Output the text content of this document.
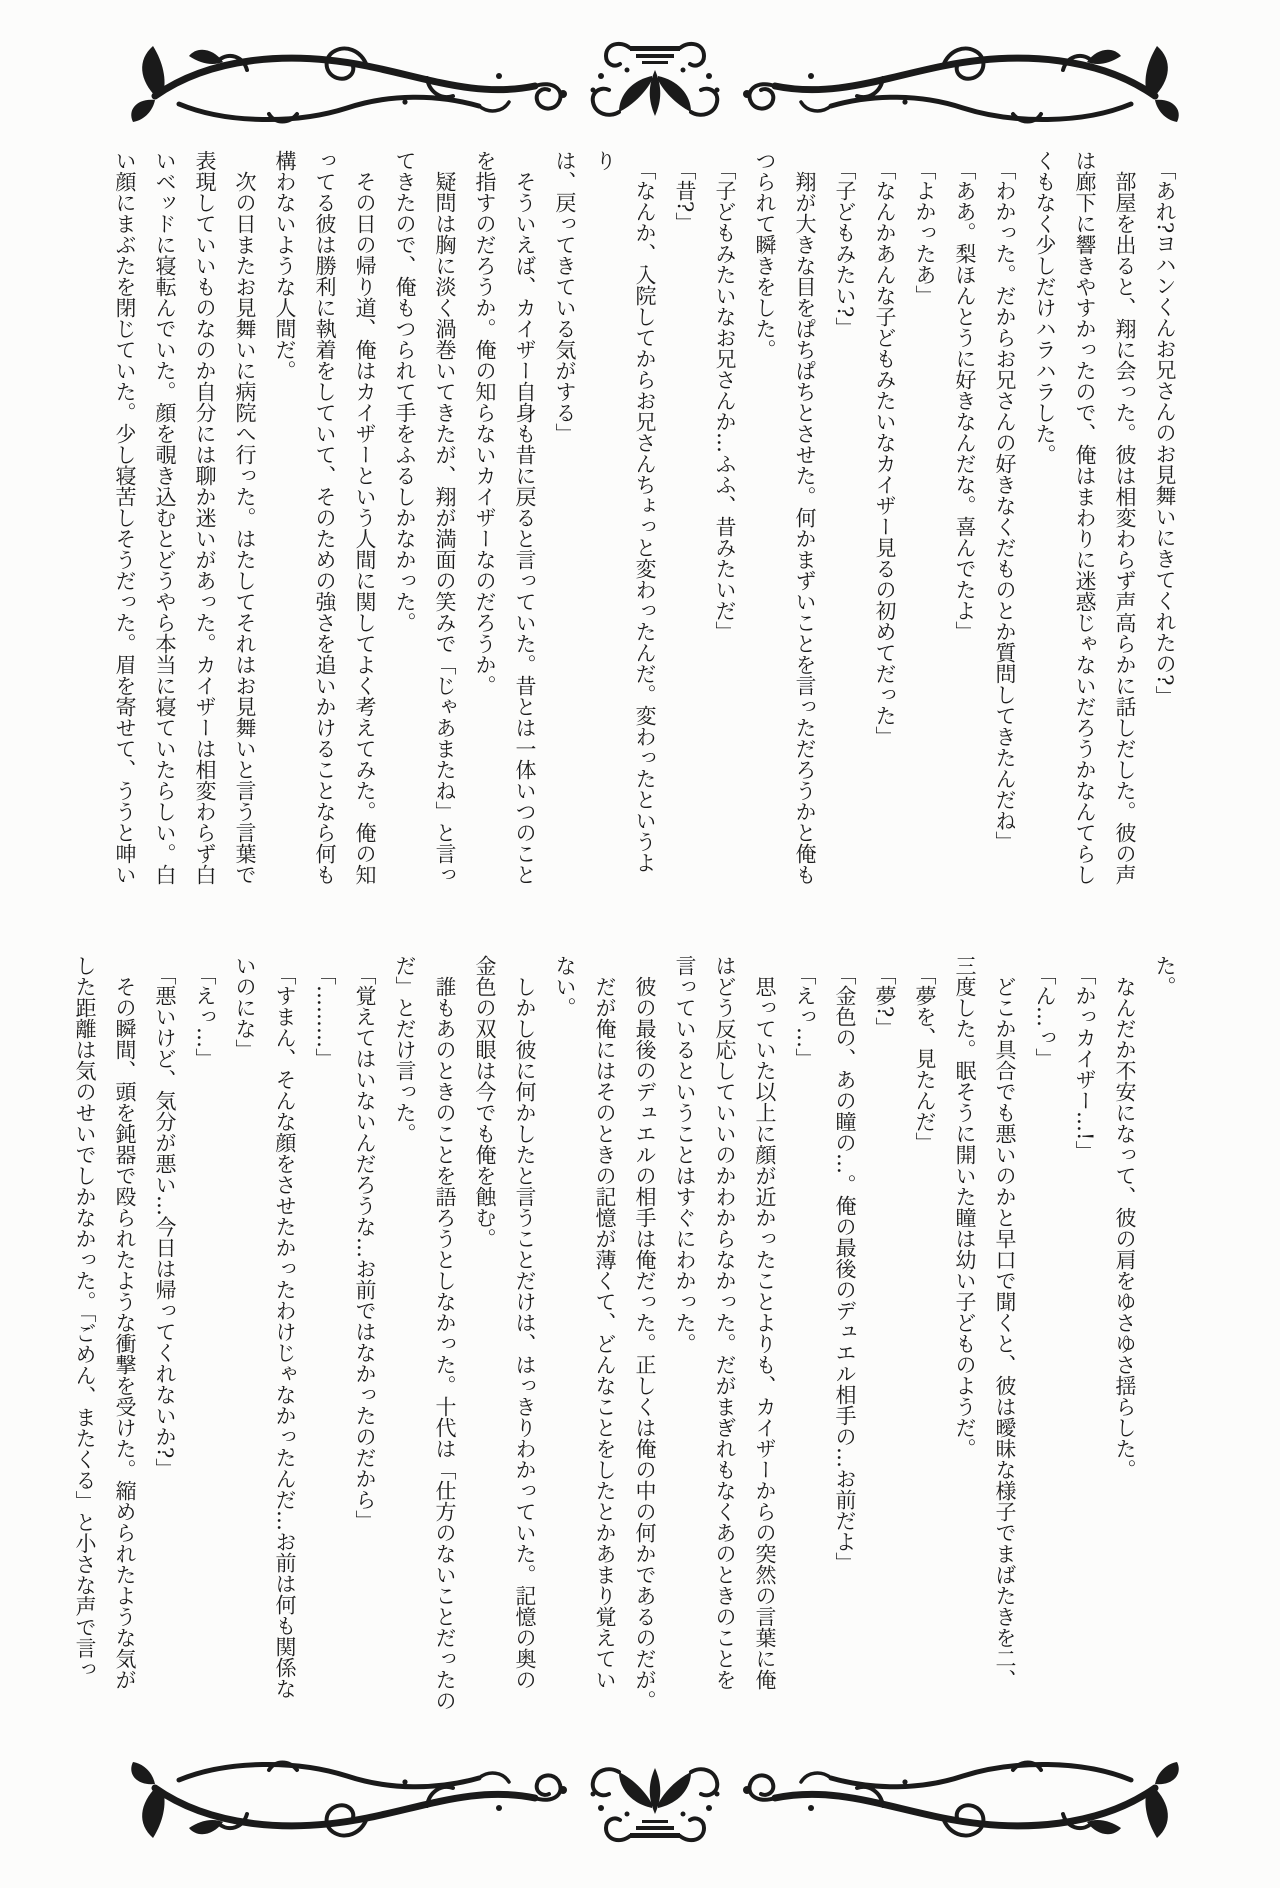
「あれ?ヨハンくんお兄さんのお見舞いにきてくれたの?」

部屋を出ると、翔に会った。彼は相変わらず声高らかに話しだした。彼の声

は廊下に響きやすかったので、俺はまわりに迷惑じゃないだろうかなんてらし

くもなく少しだけハラハラした。

「わかった。だからお兄さんの好きなくだものとか質問してきたんだね」

「ああ。梨ほんとうに好きなんだな。喜んでたよ」

「よかったあ」

「なんかあんな子どもみたいなカイザー見るの初めてだった」

「子どもみたい?」

翔が大きな目をぱちぱちとさせた。何かまずいことを言っただろうかと俺も

つられて瞬きをした。

「子どもみたいなお兄さんか…ふふ、昔みたいだ」

「昔?」

「なんか、入院してからお兄さんちょっと変わったんだ。変わったというより

は、戻ってきている気がする」

そういえば、カイザー自身も昔に戻ると言っていた。昔とは一体いつのこと

を指すのだろうか。俺の知らないカイザーなのだろうか。

疑問は胸に淡く渦巻いてきたが、翔が満面の笑みで「じゃあまたね」と言っ

てきたので、俺もつられて手をふるしかなかった。

その日の帰り道、俺はカイザーという人間に関してよく考えてみた。俺の知

ってる彼は勝利に執着をしていて、そのための強さを追いかけることなら何も

構わないような人間だ。

次の日またお見舞いに病院へ行った。はたしてそれはお見舞いと言う言葉で

表現していいものなのか自分には聊か迷いがあった。カイザーは相変わらず白

いベッドに寝転んでいた。顔を覗き込むとどうやら本当に寝ていたらしい。白

い顔にまぶたを閉じていた。少し寝苦しそうだった。眉を寄せて、ううと呻い

た。

なんだか不安になって、彼の肩をゆさゆさ揺らした。

「かっカイザー…!」

「ん…っ」

どこか具合でも悪いのかと早口で聞くと、彼は曖昧な様子でまばたきを二、

三度した。眠そうに開いた瞳は幼い子どものようだ。

「夢を、見たんだ」

「夢?」

「金色の、あの瞳の…。俺の最後のデュエル相手の…お前だよ」

「えっ…」

思っていた以上に顔が近かったことよりも、カイザーからの突然の言葉に俺

はどう反応していいのかわからなかった。だがまぎれもなくあのときのことを

言っているということはすぐにわかった。

彼の最後のデュエルの相手は俺だった。正しくは俺の中の何かであるのだが。

だが俺にはそのときの記憶が薄くて、どんなことをしたとかあまり覚えてい

ない。

しかし彼に何かしたと言うことだけは、はっきりわかっていた。記憶の奥の

金色の双眼は今でも俺を蝕む。

誰もあのときのことを語ろうとしなかった。十代は「仕方のないことだったの

だ」とだけ言った。

「覚えてはいないんだろうな…お前ではなかったのだから」

「………」

「すまん、そんな顔をさせたかったわけじゃなかったんだ…お前は何も関係な

いのにな」

「えっ…」

「悪いけど、気分が悪い…今日は帰ってくれないか?」

その瞬間、頭を鈍器で殴られたような衝撃を受けた。縮められたような気が

した距離は気のせいでしかなかった。「ごめん、またくる」と小さな声で言っ
